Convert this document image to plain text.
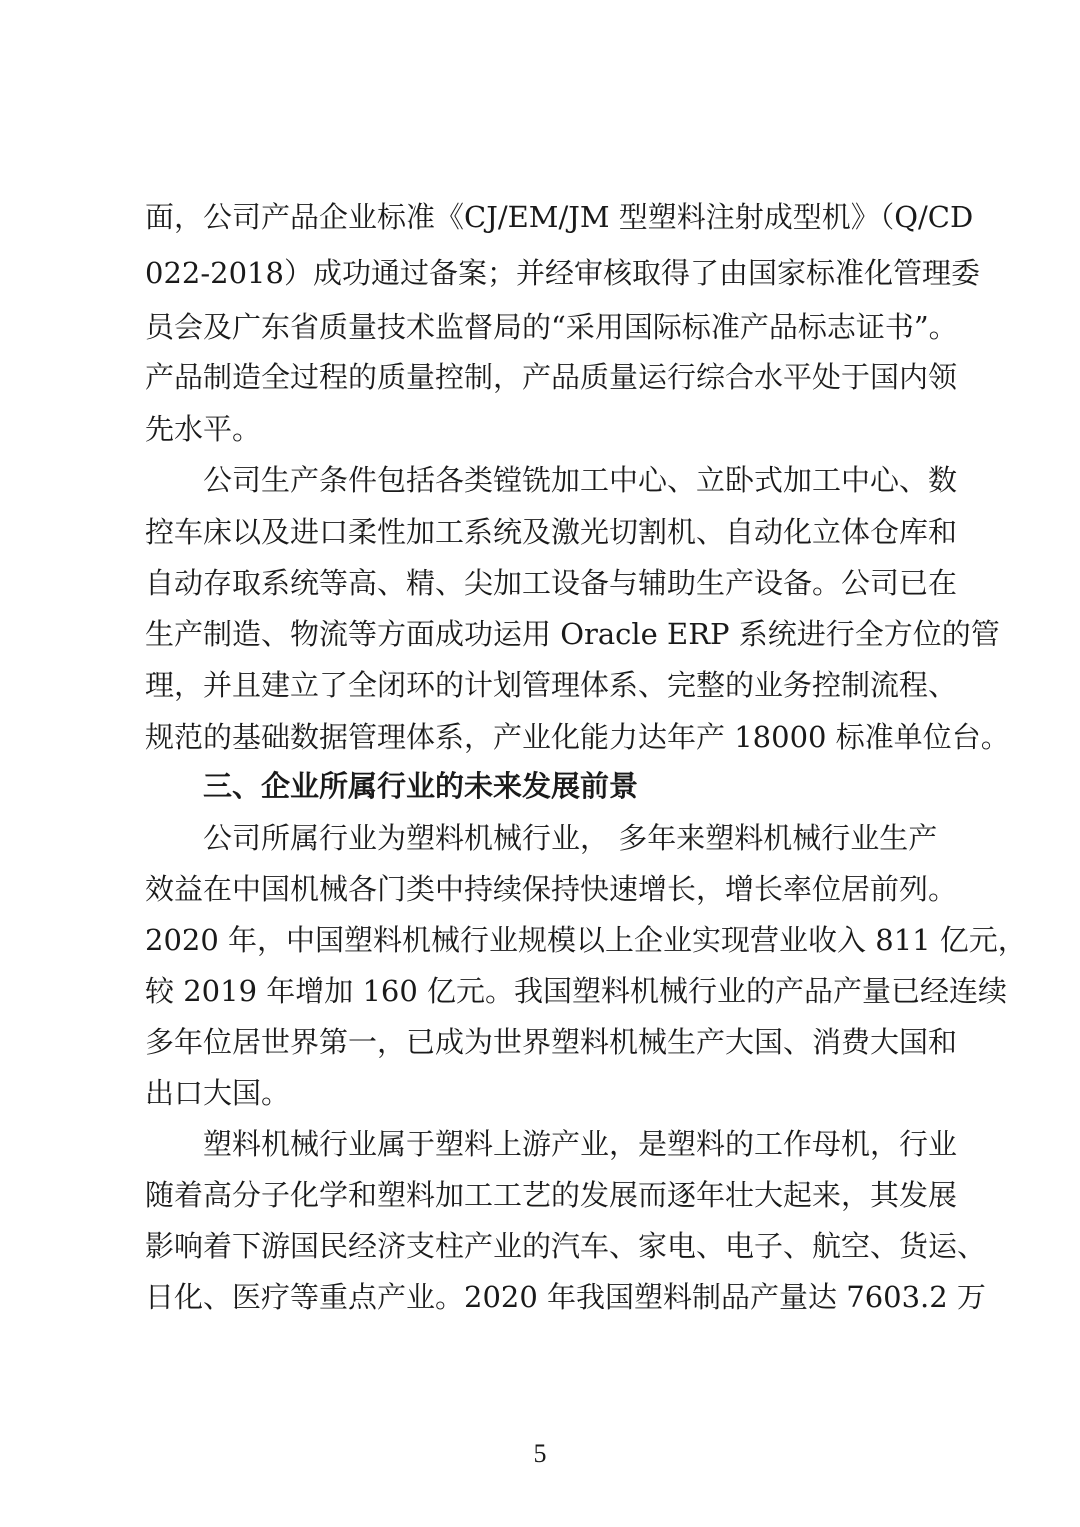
面，公司产品企业标准《CJ/EM/JM 型塑料注射成型机》（Q/CD
022-2018）成功通过备案；并经审核取得了由国家标准化管理委
员会及广东省质量技术监督局的“采用国际标准产品标志证书”。
产品制造全过程的质量控制，产品质量运行综合水平处于国内领
先水平。
公司生产条件包括各类镗铣加工中心、立卧式加工中心、数
控车床以及进口柔性加工系统及激光切割机、自动化立体仓库和
自动存取系统等高、精、尖加工设备与辅助生产设备。公司已在
生产制造、物流等方面成功运用 Oracle ERP 系统进行全方位的管
理，并且建立了全闭环的计划管理体系、完整的业务控制流程、
规范的基础数据管理体系，产业化能力达年产 18000 标准单位台。
三、企业所属行业的未来发展前景
公司所属行业为塑料机械行业， 多年来塑料机械行业生产
效益在中国机械各门类中持续保持快速增长，增长率位居前列。
2020 年，中国塑料机械行业规模以上企业实现营业收入 811 亿元，
较 2019 年增加 160 亿元。我国塑料机械行业的产品产量已经连续
多年位居世界第一，已成为世界塑料机械生产大国、消费大国和
出口大国。
塑料机械行业属于塑料上游产业，是塑料的工作母机，行业
随着高分子化学和塑料加工工艺的发展而逐年壮大起来，其发展
影响着下游国民经济支柱产业的汽车、家电、电子、航空、货运、
日化、医疗等重点产业。2020 年我国塑料制品产量达 7603.2 万
5
